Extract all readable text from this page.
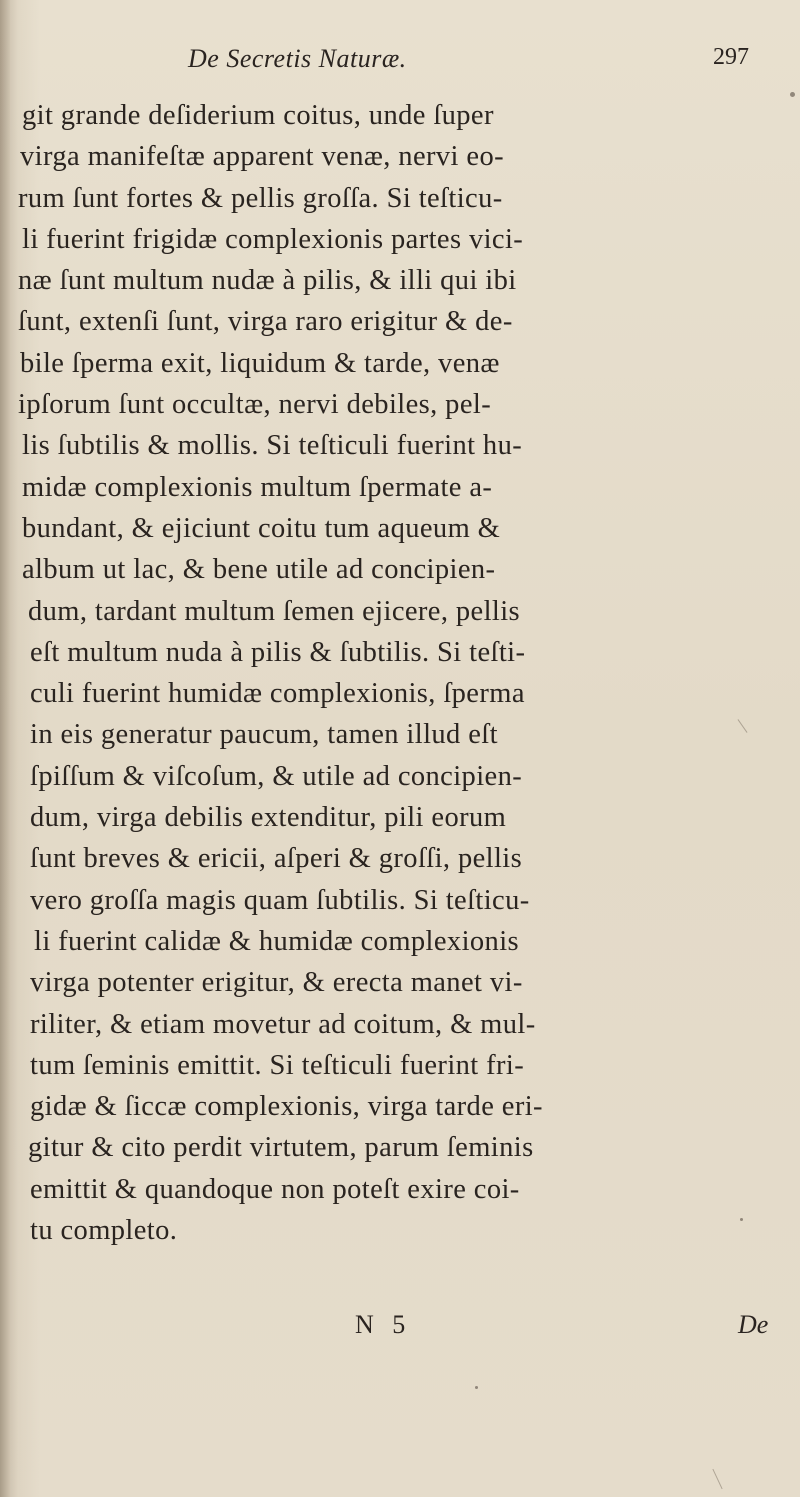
De Secretis Naturæ.	297
git grande deſiderium coitus, unde ſuper
virga manifeſtæ apparent venæ, nervi eo-
rum ſunt fortes & pellis groſſa. Si teſticu-
li fuerint frigidæ complexionis partes vici-
næ ſunt multum nudæ à pilis, & illi qui ibi
ſunt, extenſi ſunt, virga raro erigitur & de-
bile ſperma exit, liquidum & tarde, venæ
ipſorum ſunt occultæ, nervi debiles, pel-
lis ſubtilis & mollis. Si teſticuli fuerint hu-
midæ complexionis multum ſpermate a-
bundant, & ejiciunt coitu tum aqueum &
album ut lac, & bene utile ad concipien-
dum, tardant multum ſemen ejicere, pellis
eſt multum nuda à pilis & ſubtilis. Si teſti-
culi fuerint humidæ complexionis, ſperma
in eis generatur paucum, tamen illud eſt
ſpiſſum & viſcoſum, & utile ad concipien-
dum, virga debilis extenditur, pili eorum
ſunt breves & ericii, aſperi & groſſi, pellis
vero groſſa magis quam ſubtilis. Si teſticu-
li fuerint calidæ & humidæ complexionis
virga potenter erigitur, & erecta manet vi-
riliter, & etiam movetur ad coitum, & mul-
tum ſeminis emittit. Si teſticuli fuerint fri-
gidæ & ſiccæ complexionis, virga tarde eri-
gitur & cito perdit virtutem, parum ſeminis
emittit & quandoque non poteſt exire coi-
tu completo.
N 5	De
